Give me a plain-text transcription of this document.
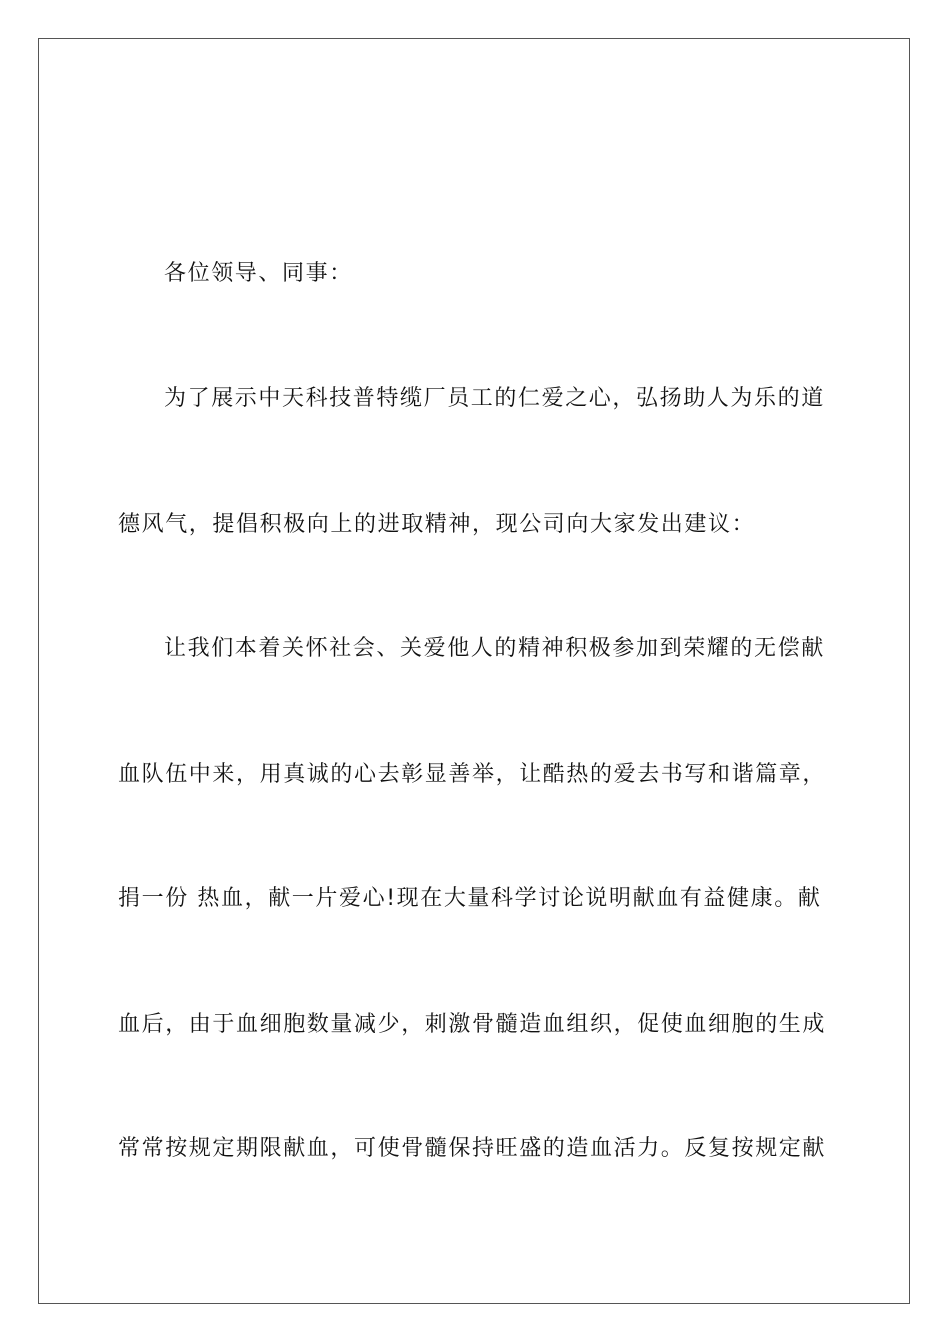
各位领导、同事：
为了展示中天科技普特缆厂员工的仁爱之心，弘扬助人为乐的道
德风气，提倡积极向上的进取精神，现公司向大家发出建议：
让我们本着关怀社会、关爱他人的精神积极参加到荣耀的无偿献
血队伍中来，用真诚的心去彰显善举，让酷热的爱去书写和谐篇章，
捐一份 热血，献一片爱心!现在大量科学讨论说明献血有益健康。献
血后，由于血细胞数量减少，刺激骨髓造血组织，促使血细胞的生成
常常按规定期限献血，可使骨髓保持旺盛的造血活力。反复按规定献
